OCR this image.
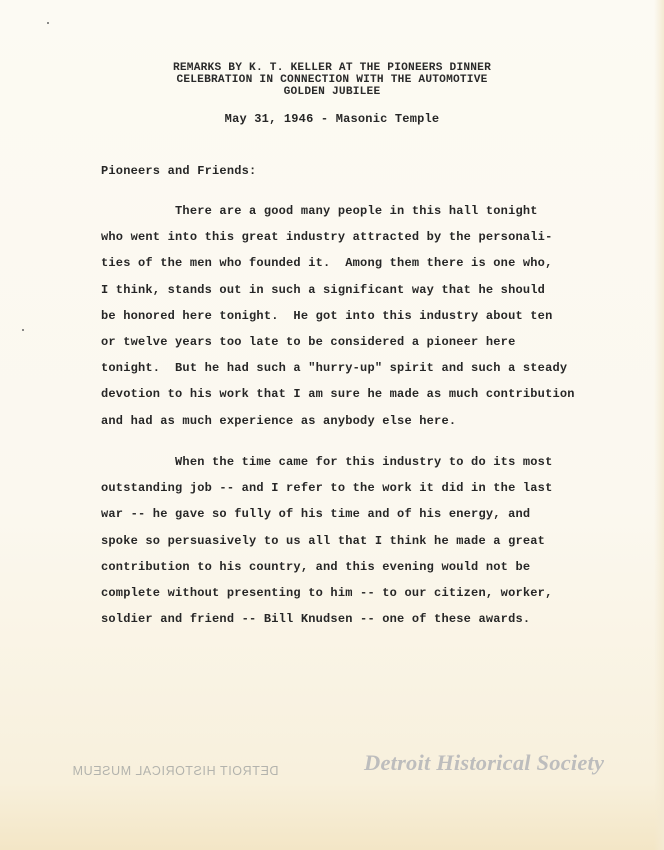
REMARKS BY K. T. KELLER AT THE PIONEERS DINNER
CELEBRATION IN CONNECTION WITH THE AUTOMOTIVE
GOLDEN JUBILEE
May 31, 1946 - Masonic Temple
Pioneers and Friends:
There are a good many people in this hall tonight
who went into this great industry attracted by the personali-
ties of the men who founded it.  Among them there is one who,
I think, stands out in such a significant way that he should
be honored here tonight.  He got into this industry about ten
or twelve years too late to be considered a pioneer here
tonight.  But he had such a "hurry-up" spirit and such a steady
devotion to his work that I am sure he made as much contribution
and had as much experience as anybody else here.
When the time came for this industry to do its most
outstanding job -- and I refer to the work it did in the last
war -- he gave so fully of his time and of his energy, and
spoke so persuasively to us all that I think he made a great
contribution to his country, and this evening would not be
complete without presenting to him -- to our citizen, worker,
soldier and friend -- Bill Knudsen -- one of these awards.
DETROIT HISTORICAL MUSEUM	Detroit Historical Society
